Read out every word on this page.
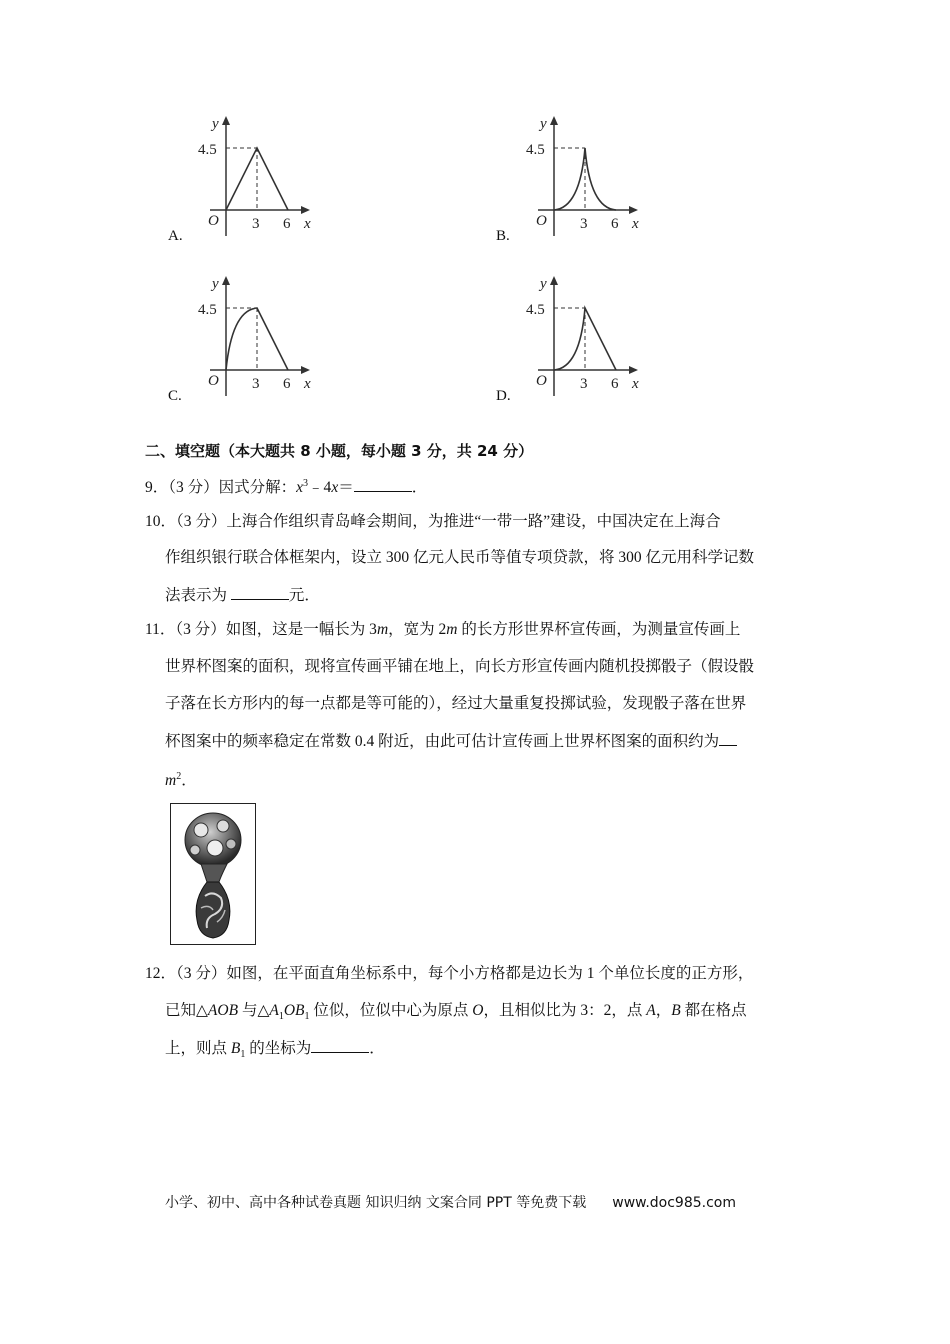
y
4.5
O 3 6 x
A.
y
4.5
O 3 6 x
B.
y
4.5
O 3 6 x
C.
y
4.5
O 3 6 x
D.
二、填空题（本大题共 8 小题，每小题 3 分，共 24 分）
9．（3 分）因式分解：$x^3﹣4x=$	．
10．（3 分）上海合作组织青岛峰会期间，为推进“一带一路”建设，中国决定在上海合
作组织银行联合体框架内，设立 300 亿元人民币等值专项贷款，将 300 亿元用科学记数
法表示为	元．
11．（3 分）如图，这是一幅长为 3m，宽为 2m 的长方形世界杯宣传画，为测量宣传画上
世界杯图案的面积，现将宣传画平铺在地上，向长方形宣传画内随机投掷骰子（假设骰
子落在长方形内的每一点都是等可能的），经过大量重复投掷试验，发现骰子落在世界
杯图案中的频率稳定在常数 0.4 附近，由此可估计宣传画上世界杯图案的面积约为
$m^2$．
12．（3 分）如图，在平面直角坐标系中，每个小方格都是边长为 1 个单位长度的正方形，
已知△AOB 与$\triangle A_1OB_1$ 位似，位似中心为原点 O，且相似比为 3：2，点 A，B 都在格点
上，则点 $B_1$ 的坐标为	．
小学、初中、高中各种试卷真题 知识归纳 文案合同 PPT 等免费下载 www.doc985.com
